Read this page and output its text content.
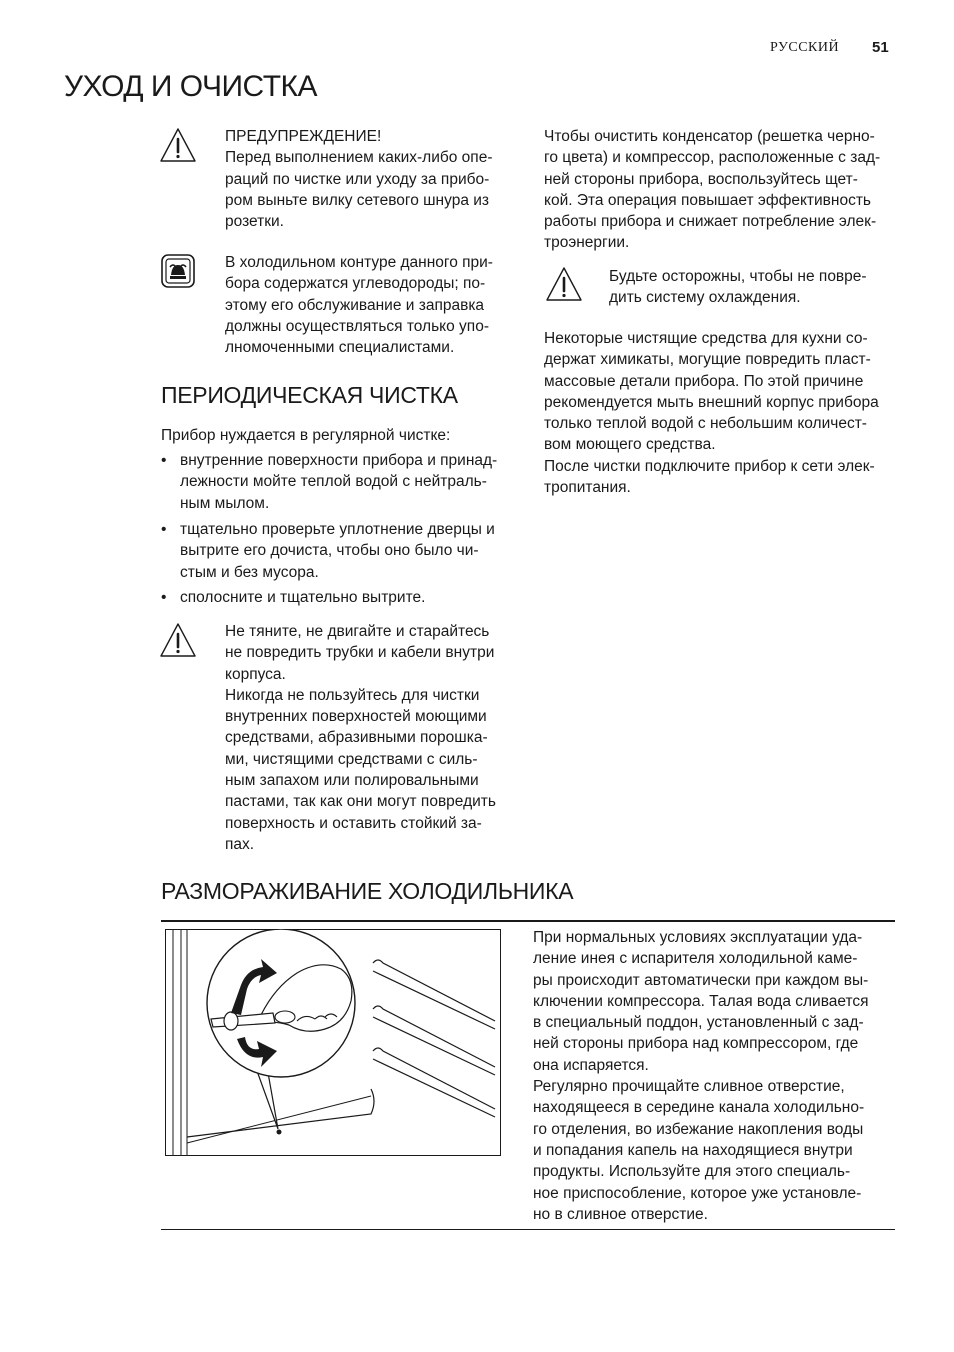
РУССКИЙ 51
УХОД И ОЧИСТКА
ПРЕДУПРЕЖДЕНИЕ!
Перед выполнением каких-либо опе-
раций по чистке или уходу за прибо-
ром выньте вилку сетевого шнура из
розетки.
В холодильном контуре данного при-
бора содержатся углеводороды; по-
этому его обслуживание и заправка
должны осуществляться только упо-
лномоченными специалистами.
ПЕРИОДИЧЕСКАЯ ЧИСТКА
Прибор нуждается в регулярной чистке:
• внутренние поверхности прибора и принад-
лежности мойте теплой водой с нейтраль-
ным мылом.
• тщательно проверьте уплотнение дверцы и
вытрите его дочиста, чтобы оно было чи-
стым и без мусора.
• сполосните и тщательно вытрите.
Не тяните, не двигайте и старайтесь
не повредить трубки и кабели внутри
корпуса.
Никогда не пользуйтесь для чистки
внутренних поверхностей моющими
средствами, абразивными порошка-
ми, чистящими средствами с силь-
ным запахом или полировальными
пастами, так как они могут повредить
поверхность и оставить стойкий за-
пах.
Чтобы очистить конденсатор (решетка черно-
го цвета) и компрессор, расположенные с зад-
ней стороны прибора, воспользуйтесь щет-
кой. Эта операция повышает эффективность
работы прибора и снижает потребление элек-
троэнергии.
Будьте осторожны, чтобы не повре-
дить систему охлаждения.
Некоторые чистящие средства для кухни со-
держат химикаты, могущие повредить пласт-
массовые детали прибора. По этой причине
рекомендуется мыть внешний корпус прибора
только теплой водой с небольшим количест-
вом моющего средства.
После чистки подключите прибор к сети элек-
тропитания.
РАЗМОРАЖИВАНИЕ ХОЛОДИЛЬНИКА
При нормальных условиях эксплуатации уда-
ление инея с испарителя холодильной каме-
ры происходит автоматически при каждом вы-
ключении компрессора. Талая вода сливается
в специальный поддон, установленный с зад-
ней стороны прибора над компрессором, где
она испаряется.
Регулярно прочищайте сливное отверстие,
находящееся в середине канала холодильно-
го отделения, во избежание накопления воды
и попадания капель на находящиеся внутри
продукты. Используйте для этого специаль-
ное приспособление, которое уже установле-
но в сливное отверстие.
